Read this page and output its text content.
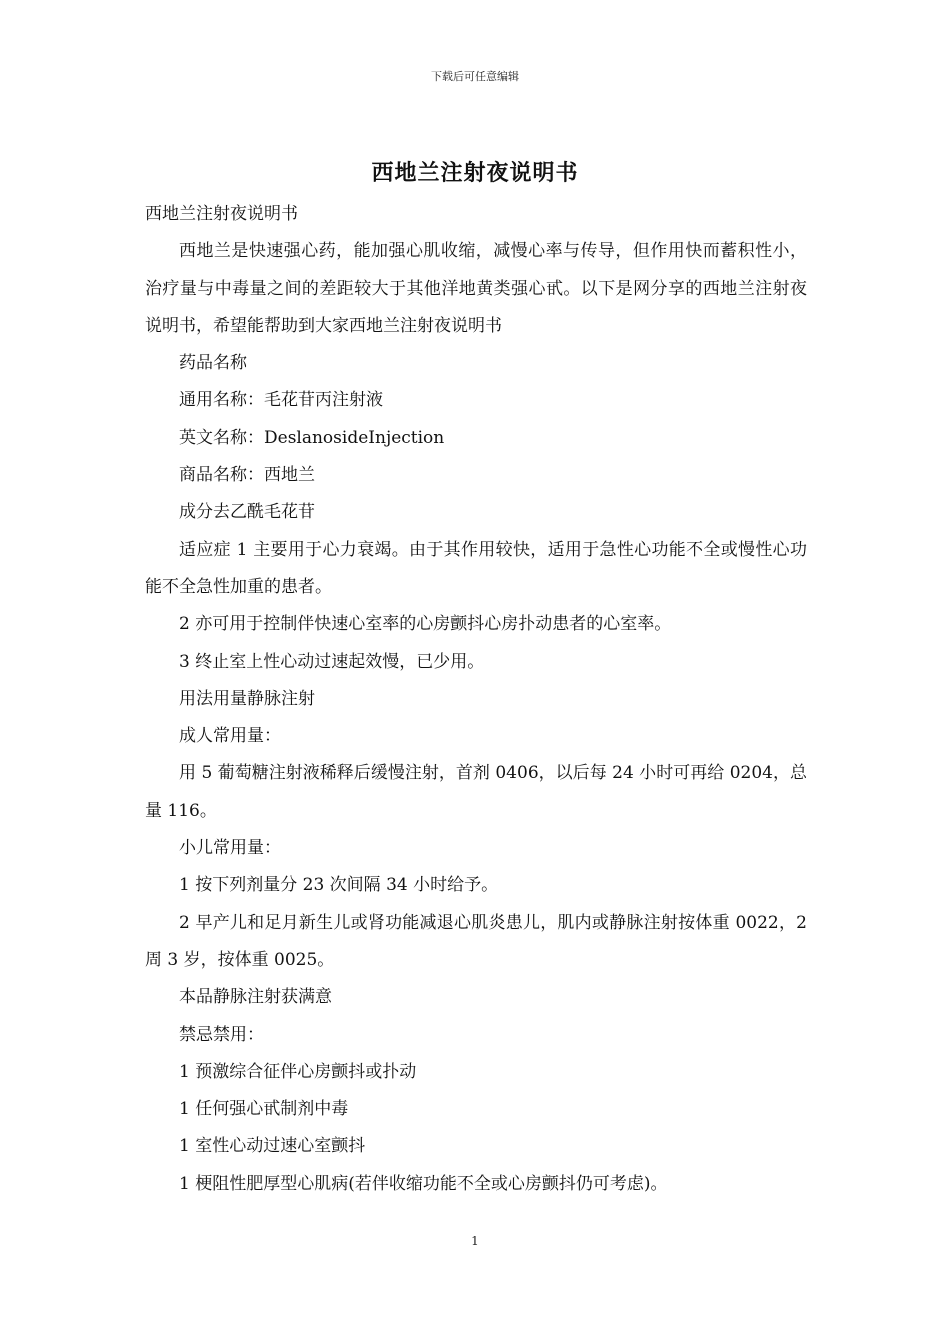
下载后可任意编辑
西地兰注射夜说明书

西地兰注射夜说明书

西地兰是快速强心药，能加强心肌收缩，减慢心率与传导，但作用快而蓄积性小，治疗量与中毒量之间的差距较大于其他洋地黄类强心甙。以下是网分享的西地兰注射夜说明书，希望能帮助到大家西地兰注射夜说明书

药品名称

通用名称：毛花苷丙注射液

英文名称：DeslanosideInjection

商品名称：西地兰

成分去乙酰毛花苷

适应症 1 主要用于心力衰竭。由于其作用较快，适用于急性心功能不全或慢性心功能不全急性加重的患者。

2 亦可用于控制伴快速心室率的心房颤抖心房扑动患者的心室率。

3 终止室上性心动过速起效慢，已少用。

用法用量静脉注射

成人常用量：

用 5 葡萄糖注射液稀释后缓慢注射，首剂 0406，以后每 24 小时可再给 0204，总量 116。

小儿常用量：

1 按下列剂量分 23 次间隔 34 小时给予。

2 早产儿和足月新生儿或肾功能减退心肌炎患儿，肌内或静脉注射按体重 0022，2 周 3 岁，按体重 0025。

本品静脉注射获满意

禁忌禁用：

1 预激综合征伴心房颤抖或扑动

1 任何强心甙制剂中毒

1 室性心动过速心室颤抖

1 梗阻性肥厚型心肌病(若伴收缩功能不全或心房颤抖仍可考虑)。

1
